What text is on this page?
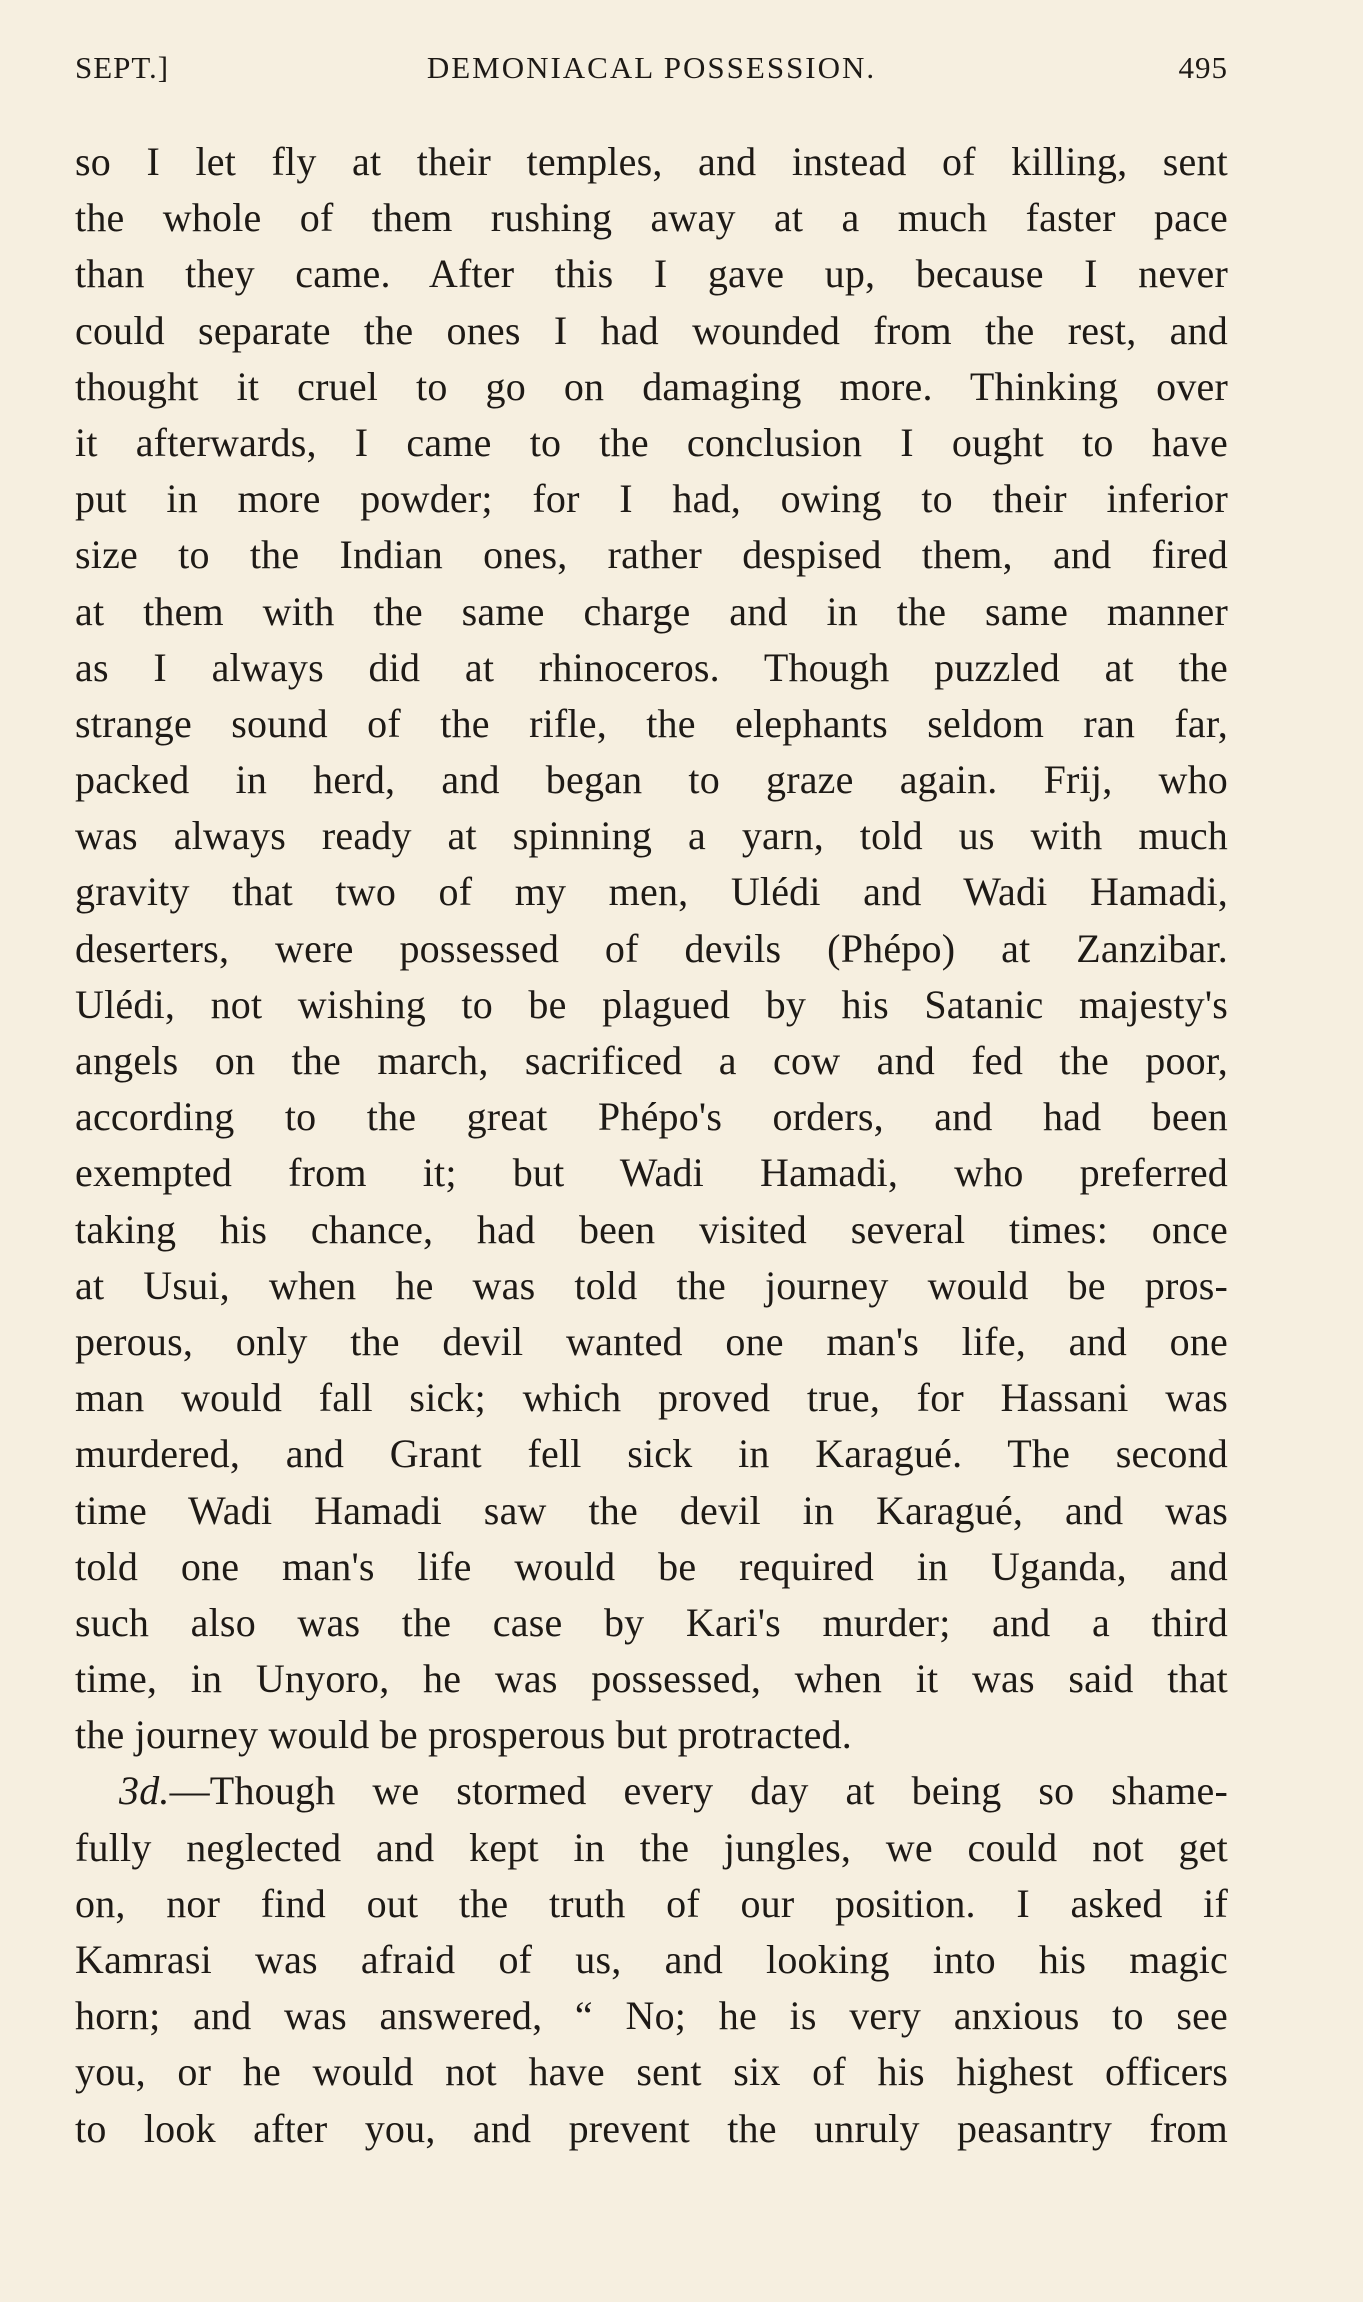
SEPT.]	DEMONIACAL POSSESSION.	495
so I let fly at their temples, and instead of killing, sent
the whole of them rushing away at a much faster pace
than they came. After this I gave up, because I never
could separate the ones I had wounded from the rest, and
thought it cruel to go on damaging more. Thinking over
it afterwards, I came to the conclusion I ought to have
put in more powder; for I had, owing to their inferior
size to the Indian ones, rather despised them, and fired
at them with the same charge and in the same manner
as I always did at rhinoceros. Though puzzled at the
strange sound of the rifle, the elephants seldom ran far,
packed in herd, and began to graze again. Frij, who
was always ready at spinning a yarn, told us with much
gravity that two of my men, Ulédi and Wadi Hamadi,
deserters, were possessed of devils (Phépo) at Zanzibar.
Ulédi, not wishing to be plagued by his Satanic majesty's
angels on the march, sacrificed a cow and fed the poor,
according to the great Phépo's orders, and had been
exempted from it; but Wadi Hamadi, who preferred
taking his chance, had been visited several times: once
at Usui, when he was told the journey would be pros-
perous, only the devil wanted one man's life, and one
man would fall sick; which proved true, for Hassani was
murdered, and Grant fell sick in Karagué. The second
time Wadi Hamadi saw the devil in Karagué, and was
told one man's life would be required in Uganda, and
such also was the case by Kari's murder; and a third
time, in Unyoro, he was possessed, when it was said that
the journey would be prosperous but protracted.
3d.—Though we stormed every day at being so shame-
fully neglected and kept in the jungles, we could not get
on, nor find out the truth of our position. I asked if
Kamrasi was afraid of us, and looking into his magic
horn; and was answered, “ No; he is very anxious to see
you, or he would not have sent six of his highest officers
to look after you, and prevent the unruly peasantry from
